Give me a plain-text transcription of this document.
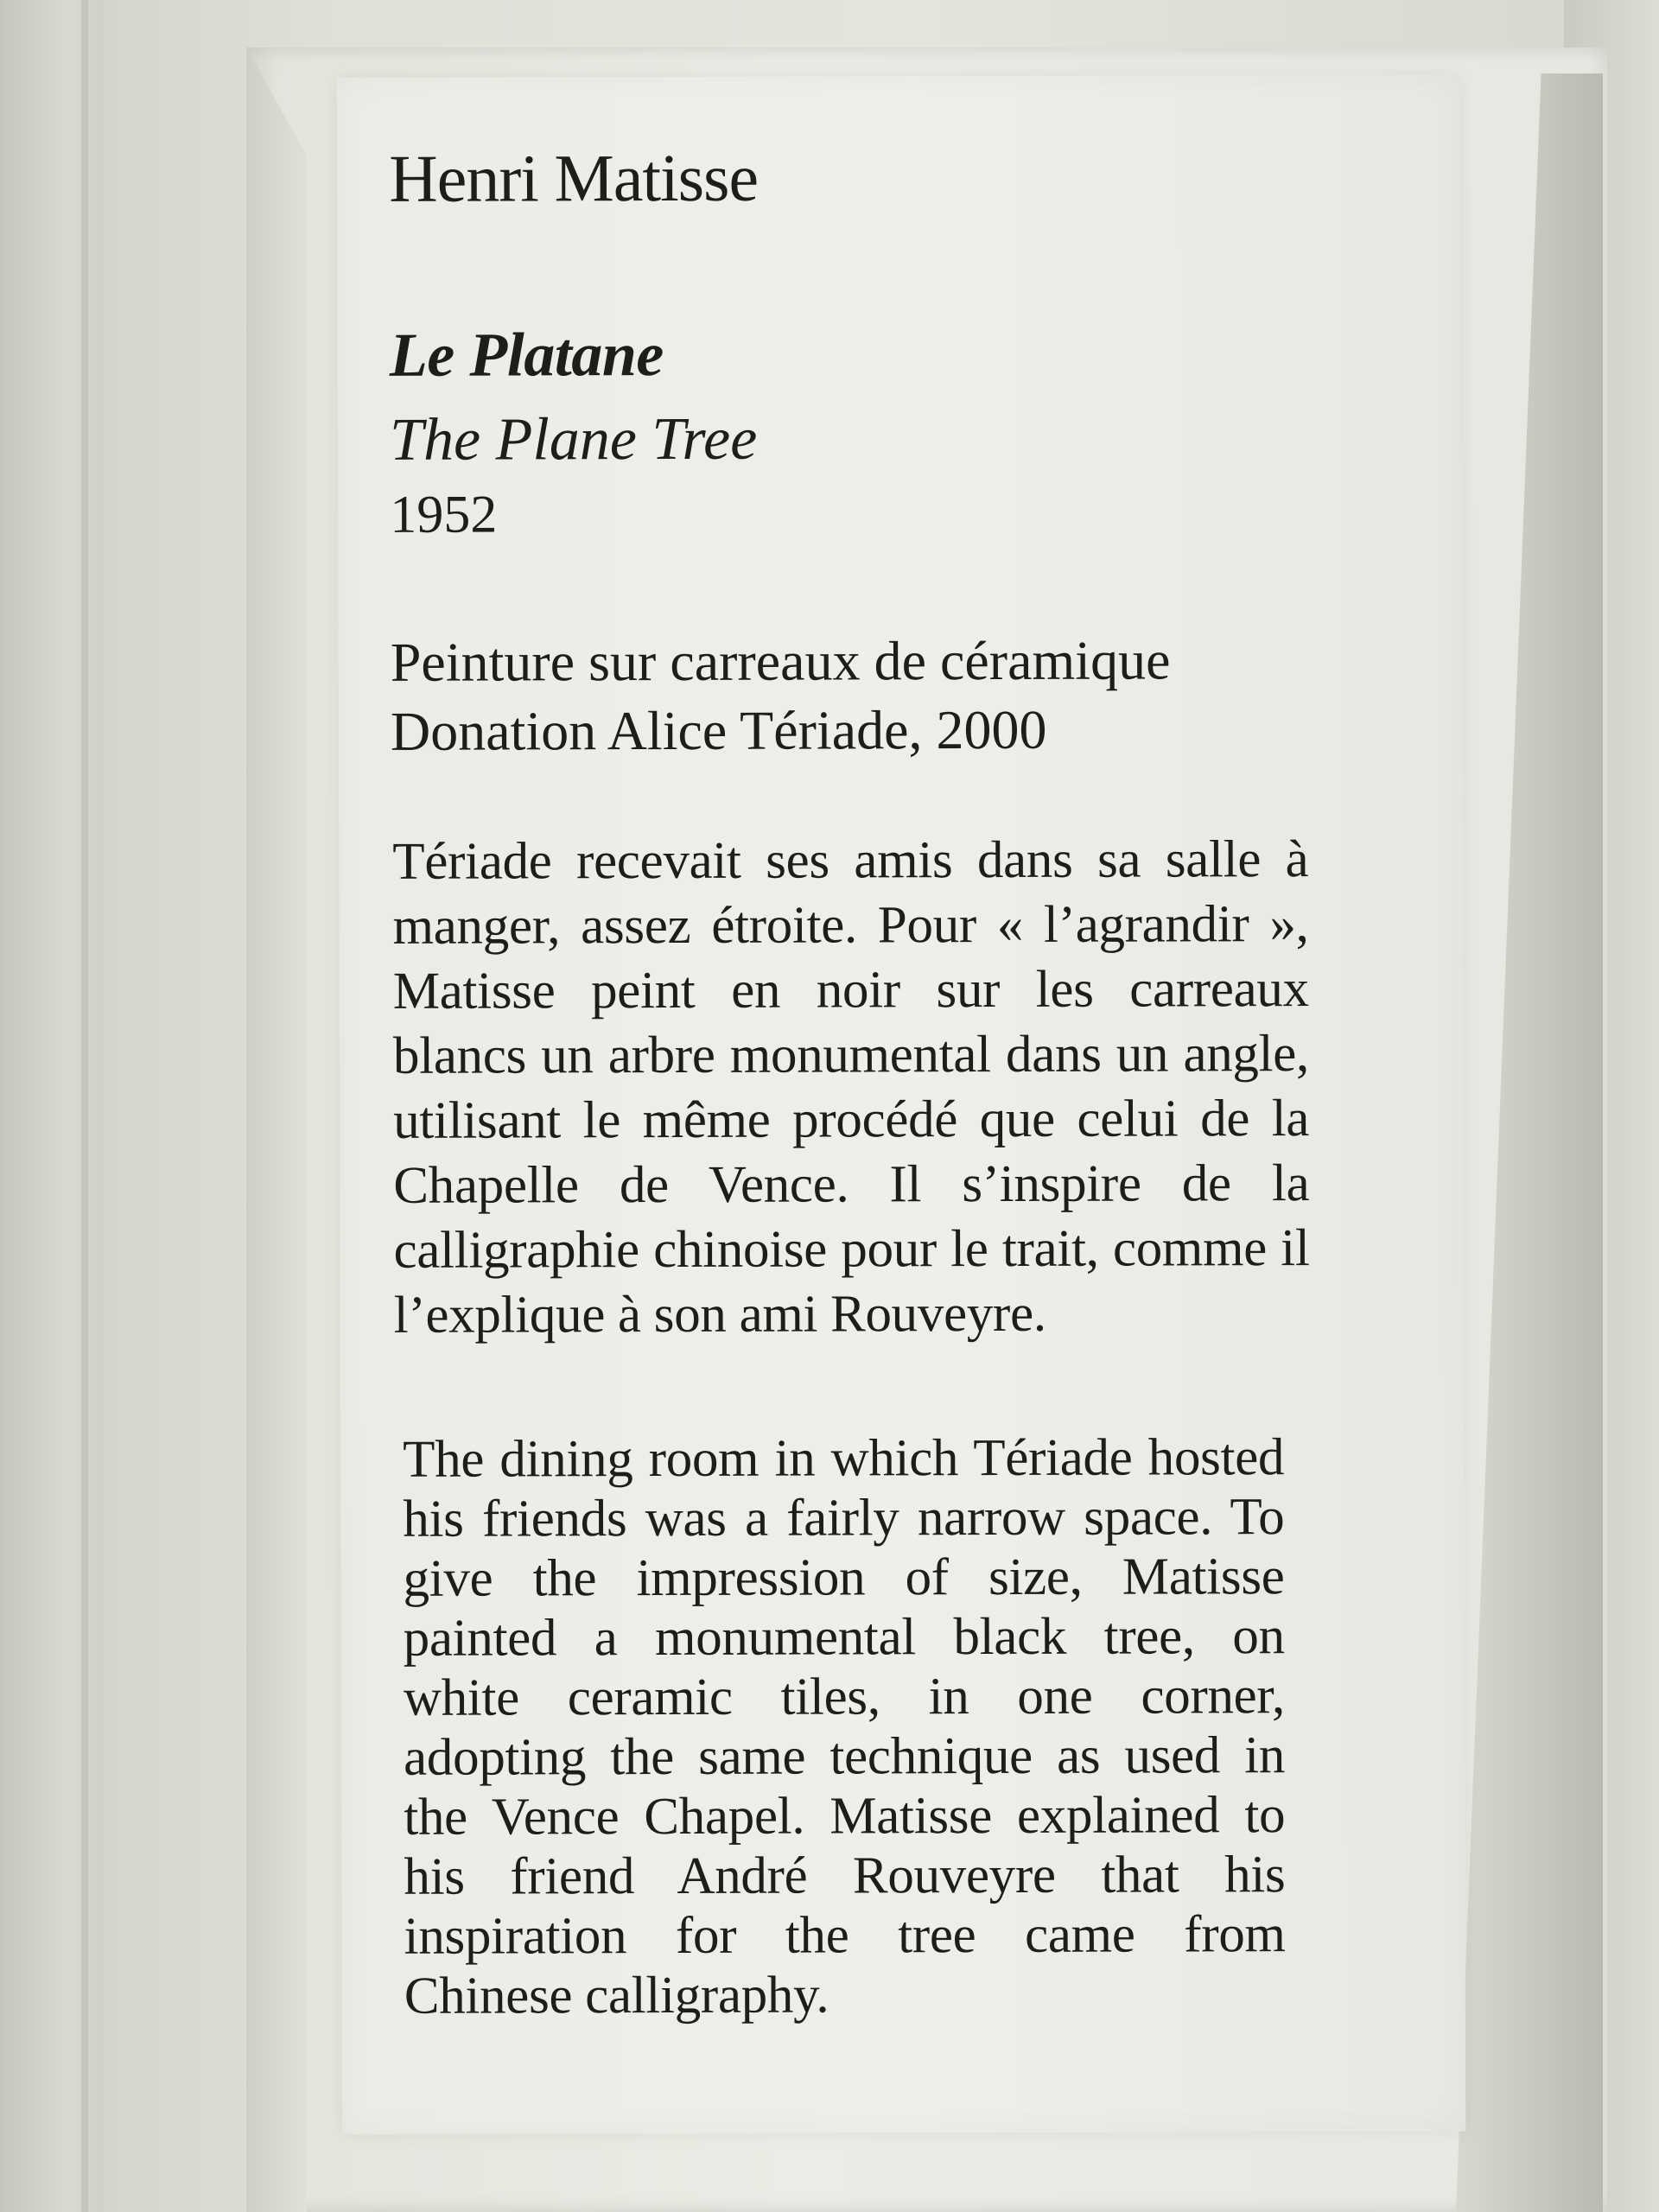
Henri Matisse
Le Platane

The Plane Tree

1952

Peinture sur carreaux de céramique

Donation Alice Tériade, 2000

Tériade recevait ses amis dans sa salle à manger, assez étroite. Pour « l’agrandir », Matisse peint en noir sur les carreaux blancs un arbre monumental dans un angle, utilisant le même procédé que celui de la Chapelle de Vence. Il s’inspire de la calligraphie chinoise pour le trait, comme il l’explique à son ami Rouveyre.

The dining room in which Tériade hosted his friends was a fairly narrow space. To give the impression of size, Matisse painted a monumental black tree, on white ceramic tiles, in one corner, adopting the same technique as used in the Vence Chapel. Matisse explained to his friend André Rouveyre that his inspiration for the tree came from Chinese calligraphy.
